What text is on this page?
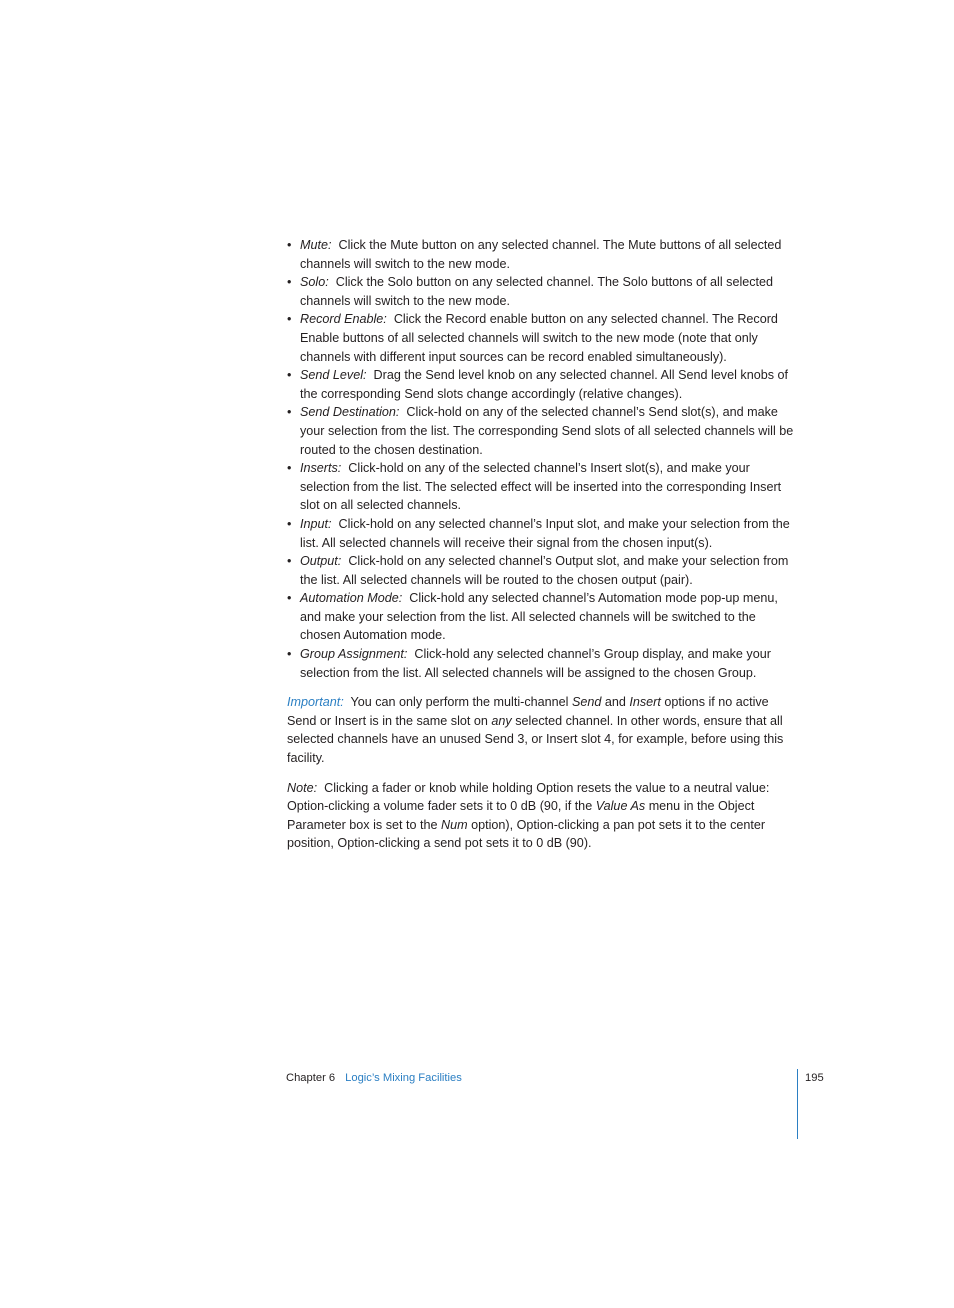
• Mute: Click the Mute button on any selected channel. The Mute buttons of all selected channels will switch to the new mode.
• Solo: Click the Solo button on any selected channel. The Solo buttons of all selected channels will switch to the new mode.
• Record Enable: Click the Record enable button on any selected channel. The Record Enable buttons of all selected channels will switch to the new mode (note that only channels with different input sources can be record enabled simultaneously).
• Send Level: Drag the Send level knob on any selected channel. All Send level knobs of the corresponding Send slots change accordingly (relative changes).
• Send Destination: Click-hold on any of the selected channel’s Send slot(s), and make your selection from the list. The corresponding Send slots of all selected channels will be routed to the chosen destination.
• Inserts: Click-hold on any of the selected channel’s Insert slot(s), and make your selection from the list. The selected effect will be inserted into the corresponding Insert slot on all selected channels.
• Input: Click-hold on any selected channel’s Input slot, and make your selection from the list. All selected channels will receive their signal from the chosen input(s).
• Output: Click-hold on any selected channel’s Output slot, and make your selection from the list. All selected channels will be routed to the chosen output (pair).
• Automation Mode: Click-hold any selected channel’s Automation mode pop-up menu, and make your selection from the list. All selected channels will be switched to the chosen Automation mode.
• Group Assignment: Click-hold any selected channel’s Group display, and make your selection from the list. All selected channels will be assigned to the chosen Group.

Important: You can only perform the multi-channel Send and Insert options if no active Send or Insert is in the same slot on any selected channel. In other words, ensure that all selected channels have an unused Send 3, or Insert slot 4, for example, before using this facility.

Note: Clicking a fader or knob while holding Option resets the value to a neutral value: Option-clicking a volume fader sets it to 0 dB (90, if the Value As menu in the Object Parameter box is set to the Num option), Option-clicking a pan pot sets it to the center position, Option-clicking a send pot sets it to 0 dB (90).

Chapter 6 Logic’s Mixing Facilities	195
